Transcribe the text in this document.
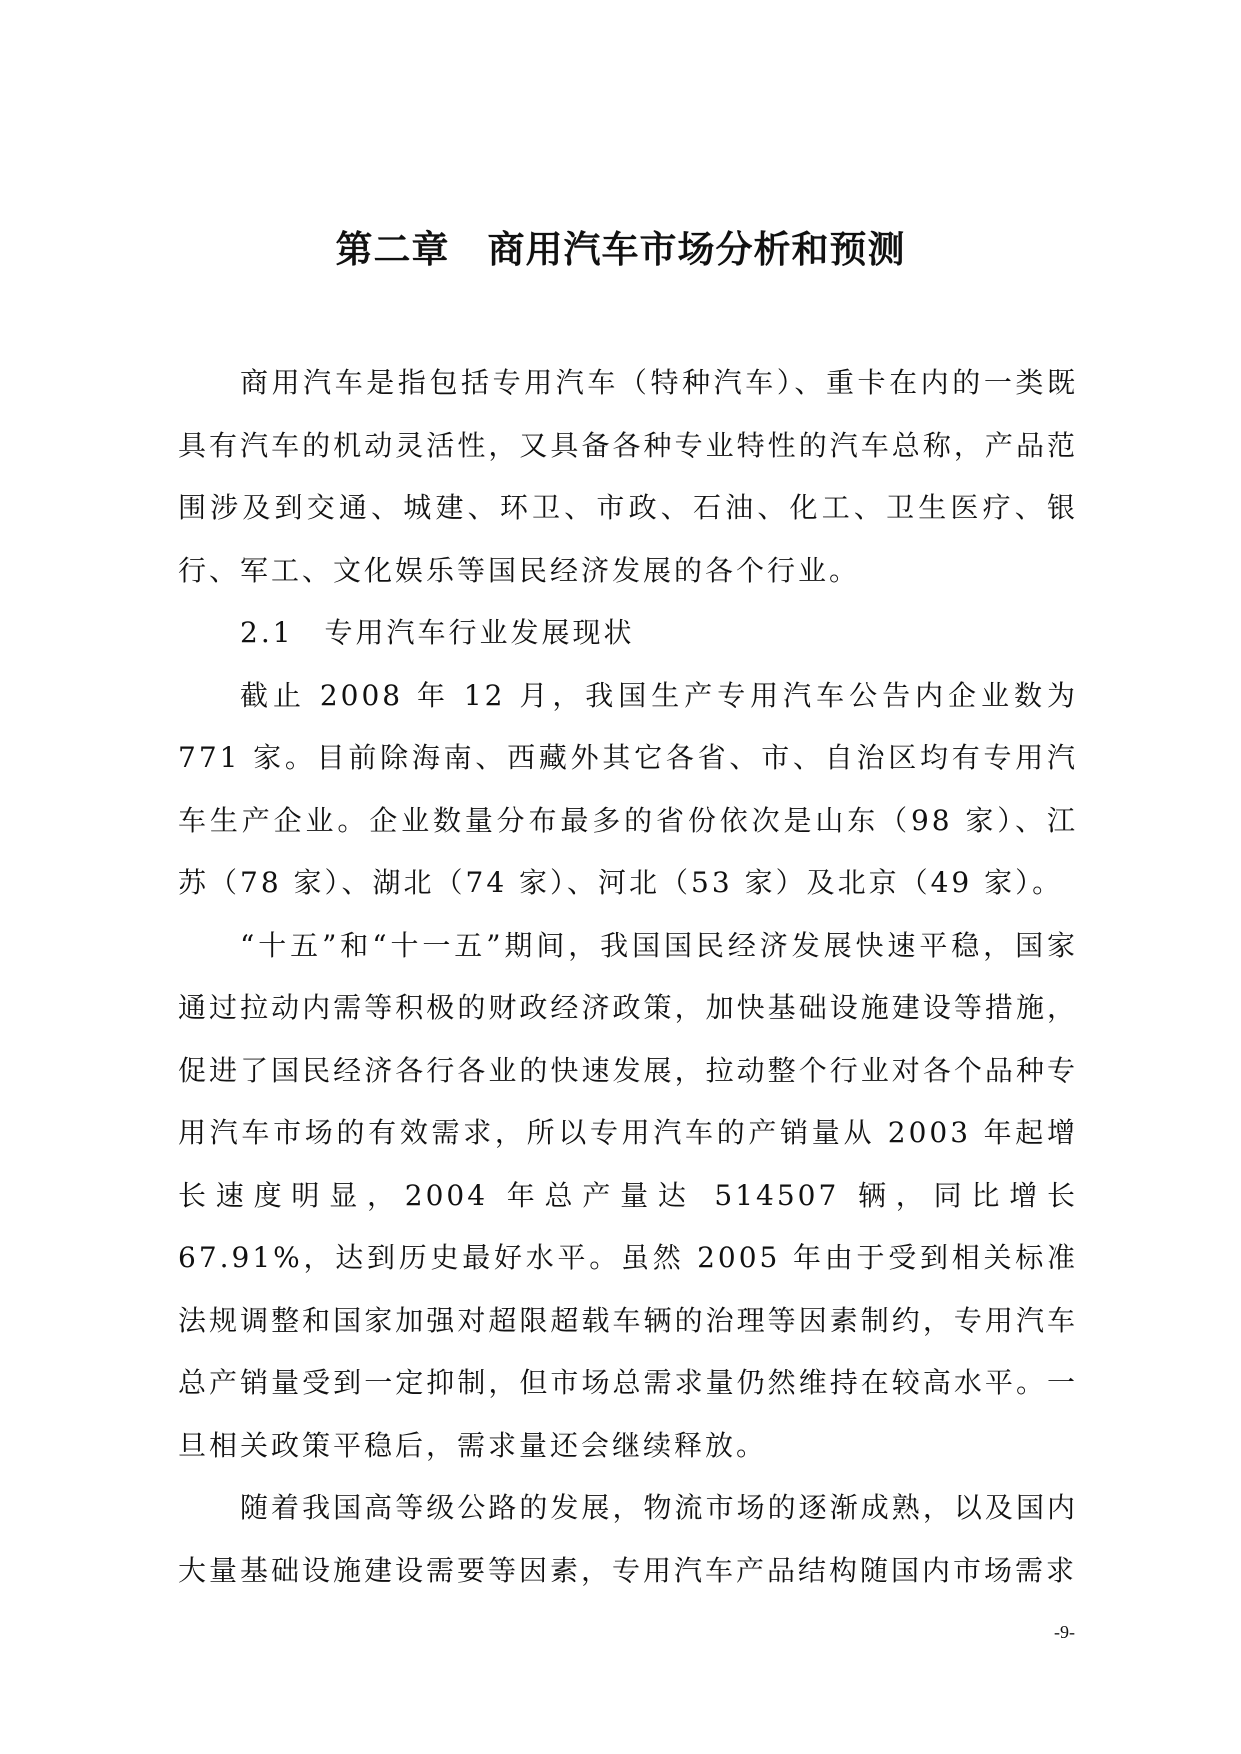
第二章　商用汽车市场分析和预测

商用汽车是指包括专用汽车（特种汽车）、重卡在内的一类既具有汽车的机动灵活性，又具备各种专业特性的汽车总称，产品范围涉及到交通、城建、环卫、市政、石油、化工、卫生医疗、银行、军工、文化娱乐等国民经济发展的各个行业。

2.1　专用汽车行业发展现状

截止 2008 年 12 月，我国生产专用汽车公告内企业数为 771 家。目前除海南、西藏外其它各省、市、自治区均有专用汽车生产企业。企业数量分布最多的省份依次是山东（98 家）、江苏（78 家）、湖北（74 家）、河北（53 家）及北京（49 家）。

“十五”和“十一五”期间，我国国民经济发展快速平稳，国家通过拉动内需等积极的财政经济政策，加快基础设施建设等措施，促进了国民经济各行各业的快速发展，拉动整个行业对各个品种专用汽车市场的有效需求，所以专用汽车的产销量从 2003 年起增长速度明显，2004 年总产量达 514507 辆，同比增长 67.91%，达到历史最好水平。虽然 2005 年由于受到相关标准法规调整和国家加强对超限超载车辆的治理等因素制约，专用汽车总产销量受到一定抑制，但市场总需求量仍然维持在较高水平。一旦相关政策平稳后，需求量还会继续释放。

随着我国高等级公路的发展，物流市场的逐渐成熟，以及国内大量基础设施建设需要等因素，专用汽车产品结构随国内市场需求

-9-
